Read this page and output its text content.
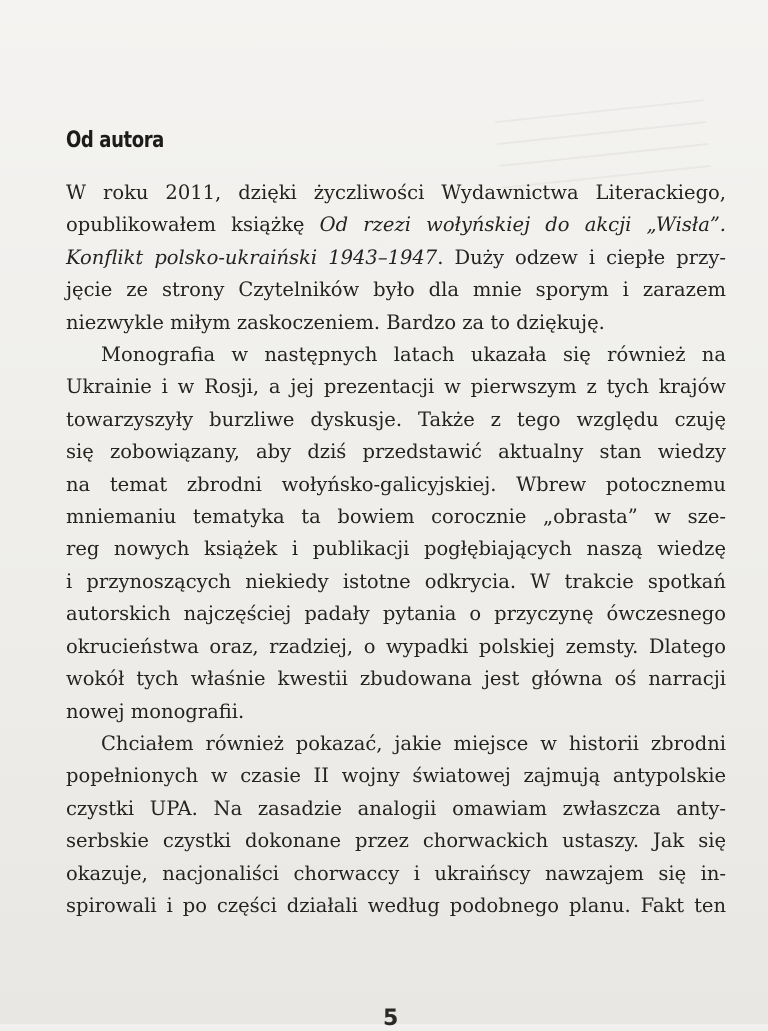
Od autora

W roku 2011, dzięki życzliwości Wydawnictwa Literackiego,
opublikowałem książkę Od rzezi wołyńskiej do akcji „Wisła”.
Konflikt polsko-ukraiński 1943–1947. Duży odzew i ciepłe przy-
jęcie ze strony Czytelników było dla mnie sporym i zarazem
niezwykle miłym zaskoczeniem. Bardzo za to dziękuję.

Monografia w następnych latach ukazała się również na
Ukrainie i w Rosji, a jej prezentacji w pierwszym z tych krajów
towarzyszyły burzliwe dyskusje. Także z tego względu czuję
się zobowiązany, aby dziś przedstawić aktualny stan wiedzy
na temat zbrodni wołyńsko-galicyjskiej. Wbrew potocznemu
mniemaniu tematyka ta bowiem corocznie „obrasta” w sze-
reg nowych książek i publikacji pogłębiających naszą wiedzę
i przynoszących niekiedy istotne odkrycia. W trakcie spotkań
autorskich najczęściej padały pytania o przyczynę ówczesnego
okrucieństwa oraz, rzadziej, o wypadki polskiej zemsty. Dlatego
wokół tych właśnie kwestii zbudowana jest główna oś narracji
nowej monografii.

Chciałem również pokazać, jakie miejsce w historii zbrodni
popełnionych w czasie II wojny światowej zajmują antypolskie
czystki UPA. Na zasadzie analogii omawiam zwłaszcza anty-
serbskie czystki dokonane przez chorwackich ustaszy. Jak się
okazuje, nacjonaliści chorwaccy i ukraińscy nawzajem się in-
spirowali i po części działali według podobnego planu. Fakt ten

5
